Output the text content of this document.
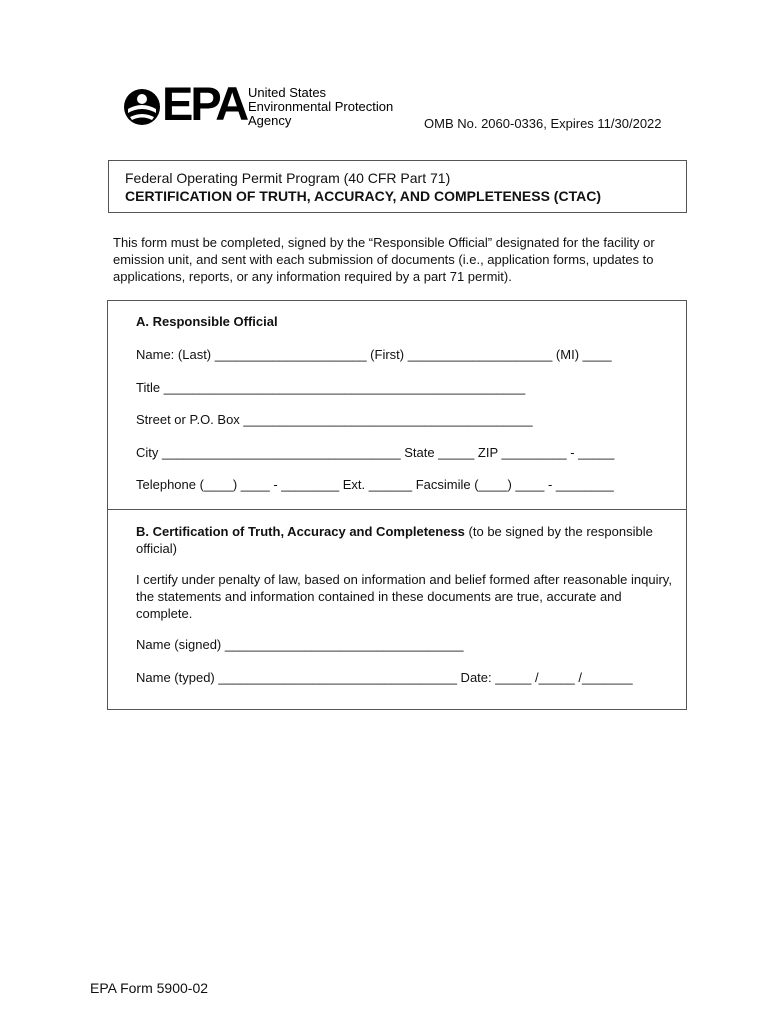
EPA United States
Environmental Protection
Agency	OMB No. 2060-0336, Expires 11/30/2022
Federal Operating Permit Program (40 CFR Part 71)
CERTIFICATION OF TRUTH, ACCURACY, AND COMPLETENESS (CTAC)
This form must be completed, signed by the “Responsible Official” designated for the facility or emission unit, and sent with each submission of documents (i.e., application forms, updates to applications, reports, or any information required by a part 71 permit).
A. Responsible Official
Name: (Last) _____________________ (First) ____________________ (MI) ____
Title __________________________________________________
Street or P.O. Box ________________________________________
City _________________________________ State _____ ZIP _________ - _____
Telephone (____) ____ - ________ Ext. ______ Facsimile (____) ____ - ________
B. Certification of Truth, Accuracy and Completeness (to be signed by the responsible official)
I certify under penalty of law, based on information and belief formed after reasonable inquiry, the statements and information contained in these documents are true, accurate and complete.
Name (signed) _________________________________
Name (typed) _________________________________ Date: _____ /_____ /_______
EPA Form 5900-02
